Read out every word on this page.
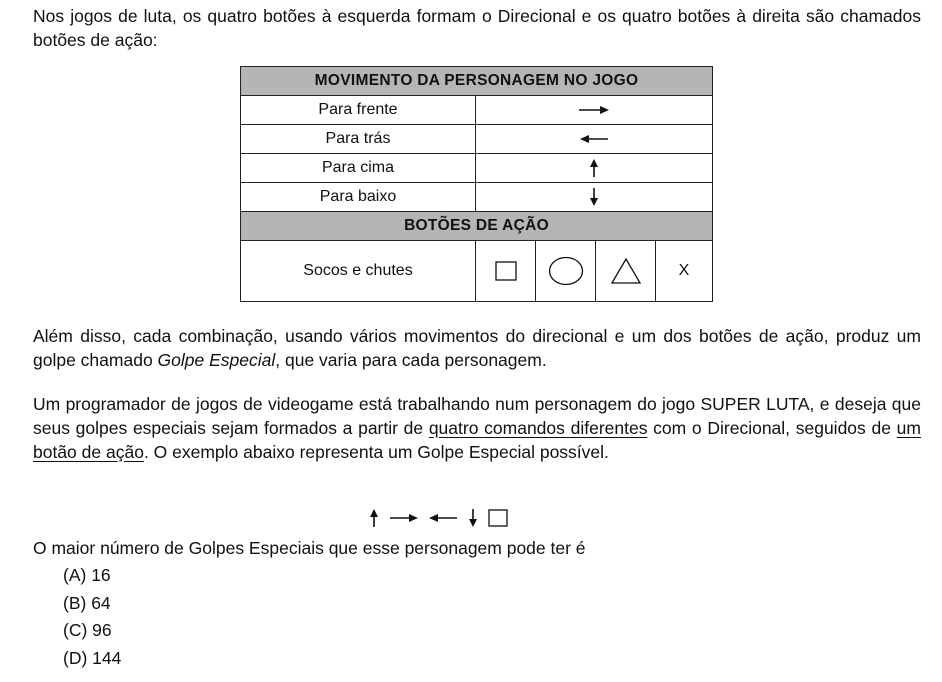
Nos jogos de luta, os quatro botões à esquerda formam o Direcional e os quatro botões à direita são chamados botões de ação:
MOVIMENTO DA PERSONAGEM NO JOGO				
Para frente	
Para trás	
Para cima	
Para baixo	
BOTÕES DE AÇÃO				
Socos e chutes				X
Além disso, cada combinação, usando vários movimentos do direcional e um dos botões de ação, produz um golpe chamado Golpe Especial, que varia para cada personagem.
Um programador de jogos de videogame está trabalhando num personagem do jogo SUPER LUTA, e deseja que seus golpes especiais sejam formados a partir de quatro comandos diferentes com o Direcional, seguidos de um botão de ação. O exemplo abaixo representa um Golpe Especial possível.
O maior número de Golpes Especiais que esse personagem pode ter é
(A) 16
(B) 64
(C) 96
(D) 144
